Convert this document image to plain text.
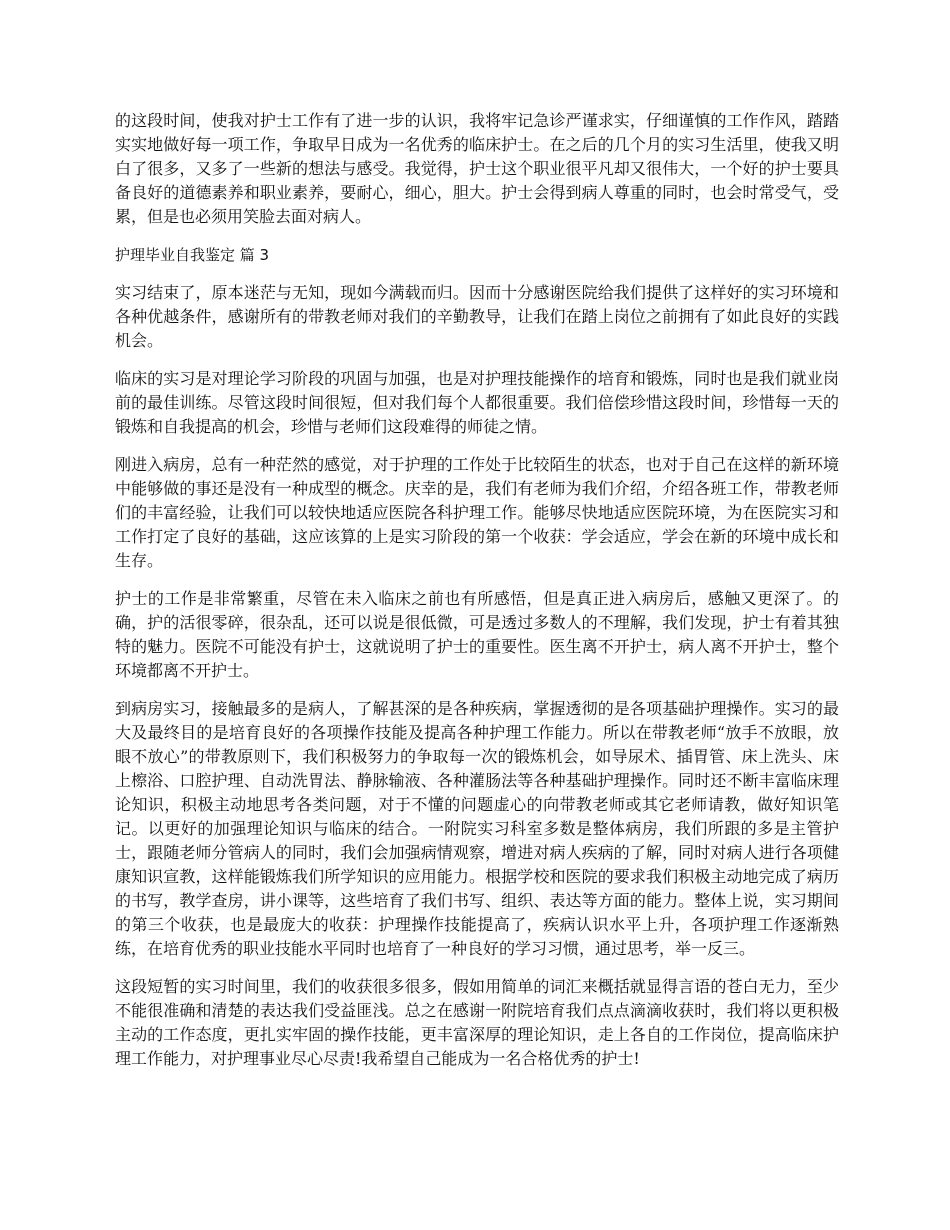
的这段时间，使我对护士工作有了进一步的认识，我将牢记急诊严谨求实，仔细谨慎的工作作风，踏踏实实地做好每一项工作，争取早日成为一名优秀的临床护士。在之后的几个月的实习生活里，使我又明白了很多，又多了一些新的想法与感受。我觉得，护士这个职业很平凡却又很伟大，一个好的护士要具备良好的道德素养和职业素养，要耐心，细心，胆大。护士会得到病人尊重的同时，也会时常受气，受累，但是也必须用笑脸去面对病人。

护理毕业自我鉴定 篇 3

实习结束了，原本迷茫与无知，现如今满载而归。因而十分感谢医院给我们提供了这样好的实习环境和各种优越条件，感谢所有的带教老师对我们的辛勤教导，让我们在踏上岗位之前拥有了如此良好的实践机会。

临床的实习是对理论学习阶段的巩固与加强，也是对护理技能操作的培育和锻炼，同时也是我们就业岗前的最佳训练。尽管这段时间很短，但对我们每个人都很重要。我们倍偿珍惜这段时间，珍惜每一天的锻炼和自我提高的机会，珍惜与老师们这段难得的师徒之情。

刚进入病房，总有一种茫然的感觉，对于护理的工作处于比较陌生的状态，也对于自己在这样的新环境中能够做的事还是没有一种成型的概念。庆幸的是，我们有老师为我们介绍，介绍各班工作，带教老师们的丰富经验，让我们可以较快地适应医院各科护理工作。能够尽快地适应医院环境，为在医院实习和工作打定了良好的基础，这应该算的上是实习阶段的第一个收获：学会适应，学会在新的环境中成长和生存。

护士的工作是非常繁重，尽管在未入临床之前也有所感悟，但是真正进入病房后，感触又更深了。的确，护的活很零碎，很杂乱，还可以说是很低微，可是透过多数人的不理解，我们发现，护士有着其独特的魅力。医院不可能没有护士，这就说明了护士的重要性。医生离不开护士，病人离不开护士，整个环境都离不开护士。

到病房实习，接触最多的是病人，了解甚深的是各种疾病，掌握透彻的是各项基础护理操作。实习的最大及最终目的是培育良好的各项操作技能及提高各种护理工作能力。所以在带教老师“放手不放眼，放眼不放心”的带教原则下，我们积极努力的争取每一次的锻炼机会，如导尿术、插胃管、床上洗头、床上檫浴、口腔护理、自动洗胃法、静脉输液、各种灌肠法等各种基础护理操作。同时还不断丰富临床理论知识，积极主动地思考各类问题，对于不懂的问题虚心的向带教老师或其它老师请教，做好知识笔记。以更好的加强理论知识与临床的结合。一附院实习科室多数是整体病房，我们所跟的多是主管护士，跟随老师分管病人的同时，我们会加强病情观察，增进对病人疾病的了解，同时对病人进行各项健康知识宣教，这样能锻炼我们所学知识的应用能力。根据学校和医院的要求我们积极主动地完成了病历的书写，教学查房，讲小课等，这些培育了我们书写、组织、表达等方面的能力。整体上说，实习期间的第三个收获，也是最庞大的收获：护理操作技能提高了，疾病认识水平上升，各项护理工作逐渐熟练，在培育优秀的职业技能水平同时也培育了一种良好的学习习惯，通过思考，举一反三。

这段短暂的实习时间里，我们的收获很多很多，假如用简单的词汇来概括就显得言语的苍白无力，至少不能很准确和清楚的表达我们受益匪浅。总之在感谢一附院培育我们点点滴滴收获时，我们将以更积极主动的工作态度，更扎实牢固的操作技能，更丰富深厚的理论知识，走上各自的工作岗位，提高临床护理工作能力，对护理事业尽心尽责!我希望自己能成为一名合格优秀的护士!
